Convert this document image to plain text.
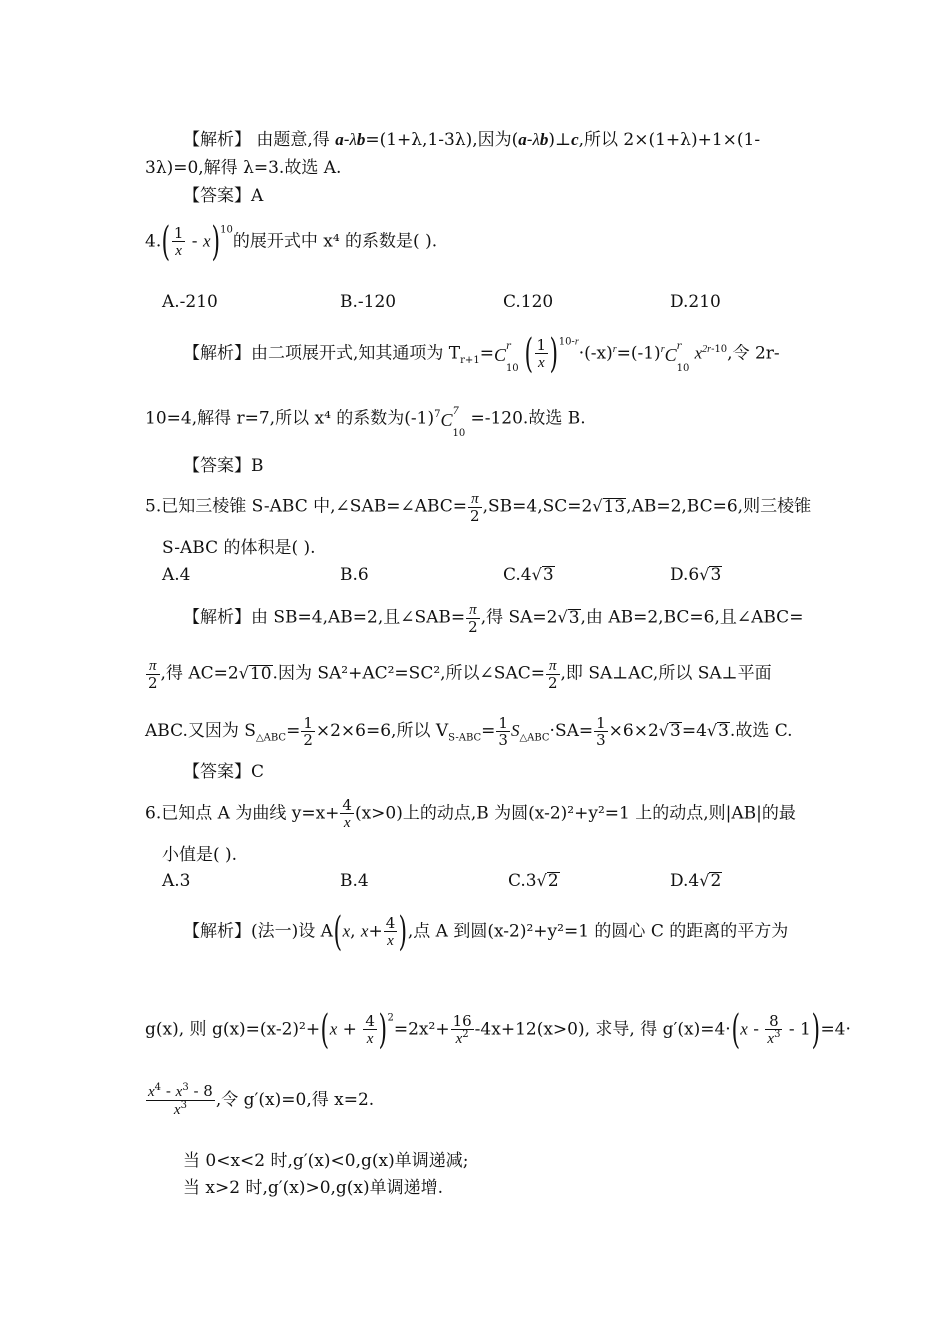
【解析】 由题意,得 a-λb=(1+λ,1-3λ),因为(a-λb)⊥c,所以 2×(1+λ)+1×(1-
3λ)=0,解得 λ=3.故选 A.
【答案】A
$4.( \frac{1}{x} - x)^{10}$的展开式中 x⁴ 的系数是( ).
A.-210	B.-120	C.120	D.210
【解析】由二项展开式,知其通项为 $T_{r+1}= C$ r
10 ( $\frac{1}{x} )^{10-r}\cdot(-x)^r=(-1)^r$ C r
10
$x^{2r-10}$,令 2r-
10=4,解得 r=7,所以 x⁴ 的系数为$(-1)^7$ C 7
10
=-120.故选 B.
【答案】B
5.已知三棱锥 S-ABC 中,∠SAB=∠ABC= $\frac{\pi}{2} ,SB=4,SC=2√13,AB=2,BC=6$,则三棱锥
S-ABC 的体积是( ).
A.4	B.6	C.4√3	D.6√3
【解析】由 SB=4,AB=2,且∠SAB= $\frac{\pi}{2}$ ,得 SA=2√3,由 AB=2,BC=6,且∠ABC=
$\frac{\pi}{2}$ ,得 AC=2√10.因为 SA²+AC²=SC²,所以∠SAC= $\frac{\pi}{2}$ ,即 SA⊥AC,所以 SA⊥平面
ABC.又因为 $S_{\triangle ABC}= \frac{1}{2} \times 2\times 6=6$,所以 $V_{S-ABC}= \frac{1}{3} S_{\triangle ABC}\cdot SA= \frac{1}{3} \times 6\times 2√3=4√3$.故选 C.
【答案】C
6.已知点 A 为曲线 $y=x+ \frac{4}{x} (x>0)$上的动点,B 为圆(x-2)²+y²=1 上的动点,则|AB|的最
小值是( ).
A.3	B.4	C.3√2	D.4√2
【解析】(法一)设 A(x, $x+ \frac{4}{x}$ ),点 A 到圆(x-2)²+y²=1 的圆心 C 的距离的平方为
g(x), 则 $g(x)=(x-2)^2+(x + \frac{4}{x} )^2=2x^2+ \frac{16}{x^2} -4x+12(x>0)$, 求导, 得 $g'(x)=4\cdot(x - \frac{8}{x^3} - 1)=4\cdot$
$\frac{x^4 - x^3 - 8}{x^3}$ ,令 g′(x)=0,得 x=2.
当 0<x<2 时,g′(x)<0,g(x)单调递减;
当 x>2 时,g′(x)>0,g(x)单调递增.
